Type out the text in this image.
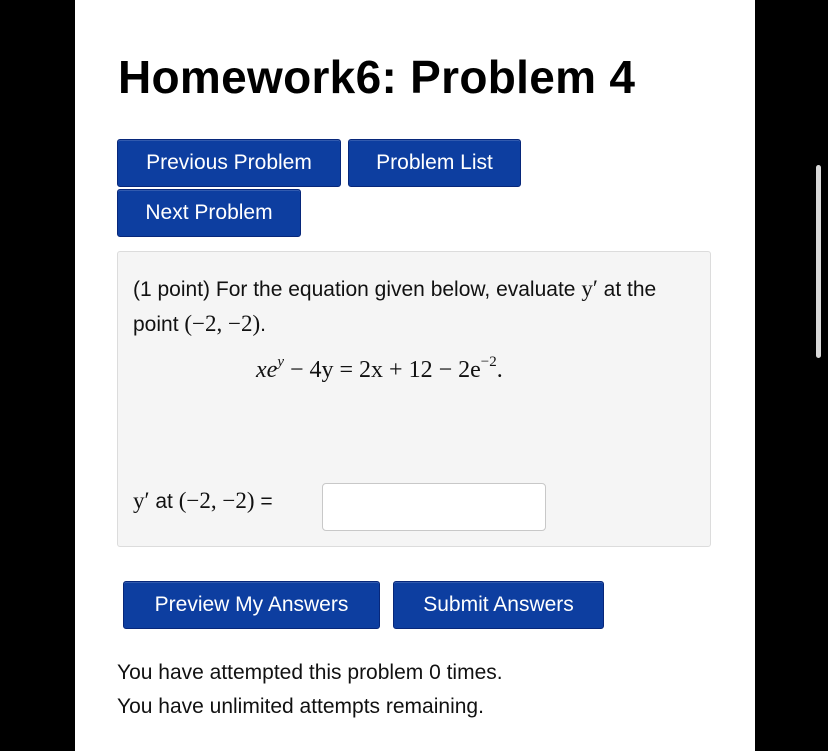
Homework6: Problem 4
Previous Problem	Problem List
Next Problem
(1 point) For the equation given below, evaluate y′ at the point (−2, −2).
$xe^y - 4y = 2x + 12 - 2e^{-2}$.
y′ at (−2, −2) =
Preview My Answers	Submit Answers
You have attempted this problem 0 times.
You have unlimited attempts remaining.
